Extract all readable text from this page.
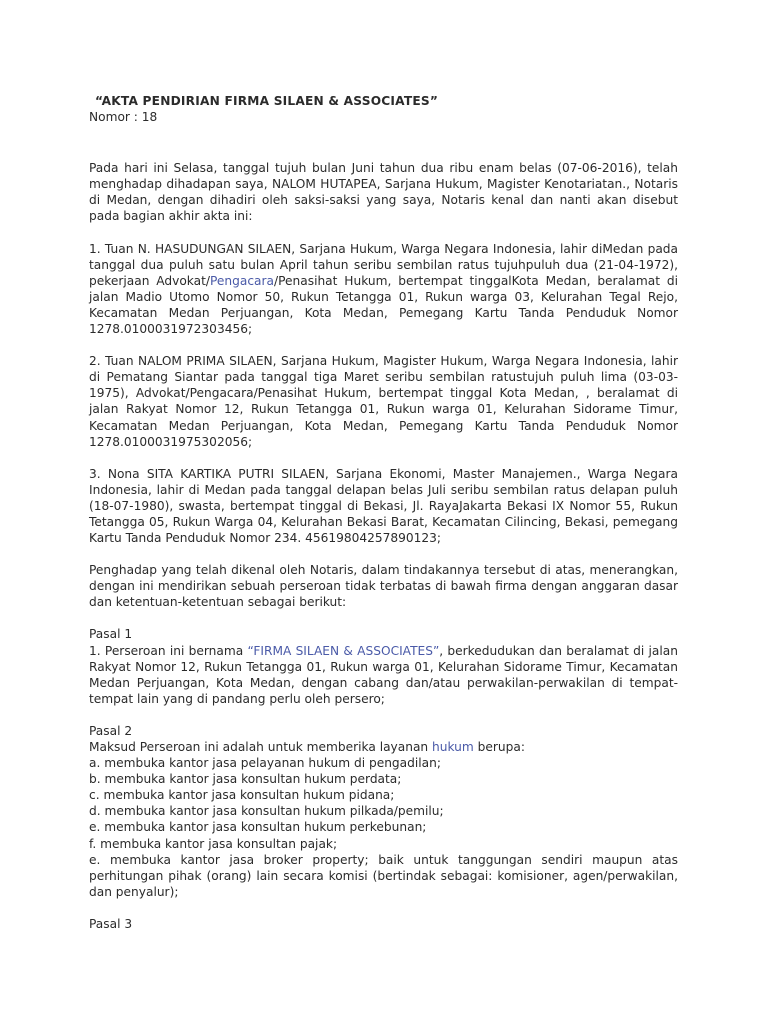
“AKTA PENDIRIAN FIRMA SILAEN & ASSOCIATES”
Nomor : 18
Pada hari ini Selasa, tanggal tujuh bulan Juni tahun dua ribu enam belas (07-06-2016), telah menghadap dihadapan saya, NALOM HUTAPEA, Sarjana Hukum, Magister Kenotariatan., Notaris di Medan, dengan dihadiri oleh saksi-saksi yang saya, Notaris kenal dan nanti akan disebut pada bagian akhir akta ini:
1. Tuan N. HASUDUNGAN SILAEN, Sarjana Hukum, Warga Negara Indonesia, lahir diMedan pada tanggal dua puluh satu bulan April tahun seribu sembilan ratus tujuhpuluh dua (21-04-1972), pekerjaan Advokat/Pengacara/Penasihat Hukum, bertempat tinggalKota Medan, beralamat di jalan Madio Utomo Nomor 50, Rukun Tetangga 01, Rukun warga 03, Kelurahan Tegal Rejo, Kecamatan Medan Perjuangan, Kota Medan, Pemegang Kartu Tanda Penduduk Nomor 1278.0100031972303456;
2. Tuan NALOM PRIMA SILAEN, Sarjana Hukum, Magister Hukum, Warga Negara Indonesia, lahir di Pematang Siantar pada tanggal tiga Maret seribu sembilan ratustujuh puluh lima (03-03-1975), Advokat/Pengacara/Penasihat Hukum, bertempat tinggal Kota Medan, , beralamat di jalan Rakyat Nomor 12, Rukun Tetangga 01, Rukun warga 01, Kelurahan Sidorame Timur, Kecamatan Medan Perjuangan, Kota Medan, Pemegang Kartu Tanda Penduduk Nomor 1278.0100031975302056;
3. Nona SITA KARTIKA PUTRI SILAEN, Sarjana Ekonomi, Master Manajemen., Warga Negara Indonesia, lahir di Medan pada tanggal delapan belas Juli seribu sembilan ratus delapan puluh (18-07-1980), swasta, bertempat tinggal di Bekasi, Jl. RayaJakarta Bekasi IX Nomor 55, Rukun Tetangga 05, Rukun Warga 04, Kelurahan Bekasi Barat, Kecamatan Cilincing, Bekasi, pemegang Kartu Tanda Penduduk Nomor 234. 45619804257890123;
Penghadap yang telah dikenal oleh Notaris, dalam tindakannya tersebut di atas, menerangkan, dengan ini mendirikan sebuah perseroan tidak terbatas di bawah firma dengan anggaran dasar dan ketentuan-ketentuan sebagai berikut:
Pasal 1
1. Perseroan ini bernama “FIRMA SILAEN & ASSOCIATES”, berkedudukan dan beralamat di jalan Rakyat Nomor 12, Rukun Tetangga 01, Rukun warga 01, Kelurahan Sidorame Timur, Kecamatan Medan Perjuangan, Kota Medan, dengan cabang dan/atau perwakilan-perwakilan di tempat-tempat lain yang di pandang perlu oleh persero;
Pasal 2
Maksud Perseroan ini adalah untuk memberika layanan hukum berupa:
a. membuka kantor jasa pelayanan hukum di pengadilan;
b. membuka kantor jasa konsultan hukum perdata;
c. membuka kantor jasa konsultan hukum pidana;
d. membuka kantor jasa konsultan hukum pilkada/pemilu;
e. membuka kantor jasa konsultan hukum perkebunan;
f. membuka kantor jasa konsultan pajak;
e. membuka kantor jasa broker property; baik untuk tanggungan sendiri maupun atas perhitungan pihak (orang) lain secara komisi (bertindak sebagai: komisioner, agen/perwakilan, dan penyalur);
Pasal 3
